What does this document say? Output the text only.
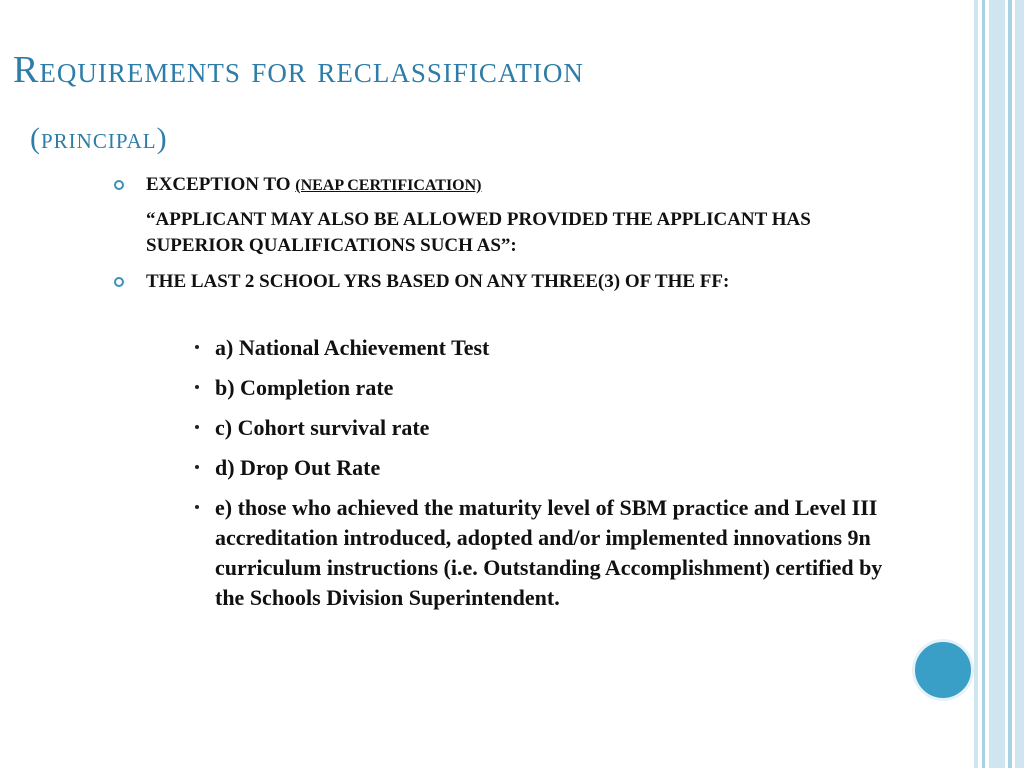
Requirements for reclassification
(principal)
EXCEPTION TO (NEAP CERTIFICATION)
“APPLICANT MAY ALSO BE ALLOWED PROVIDED THE APPLICANT HAS SUPERIOR QUALIFICATIONS SUCH AS”:
THE LAST 2 SCHOOL YRS BASED ON ANY THREE(3) OF THE FF:
a) National Achievement Test
b) Completion rate
c) Cohort survival rate
d) Drop Out Rate
e) those who achieved the maturity level of SBM practice and Level III accreditation introduced, adopted and/or implemented innovations 9n curriculum instructions (i.e. Outstanding Accomplishment) certified by the Schools Division Superintendent.
